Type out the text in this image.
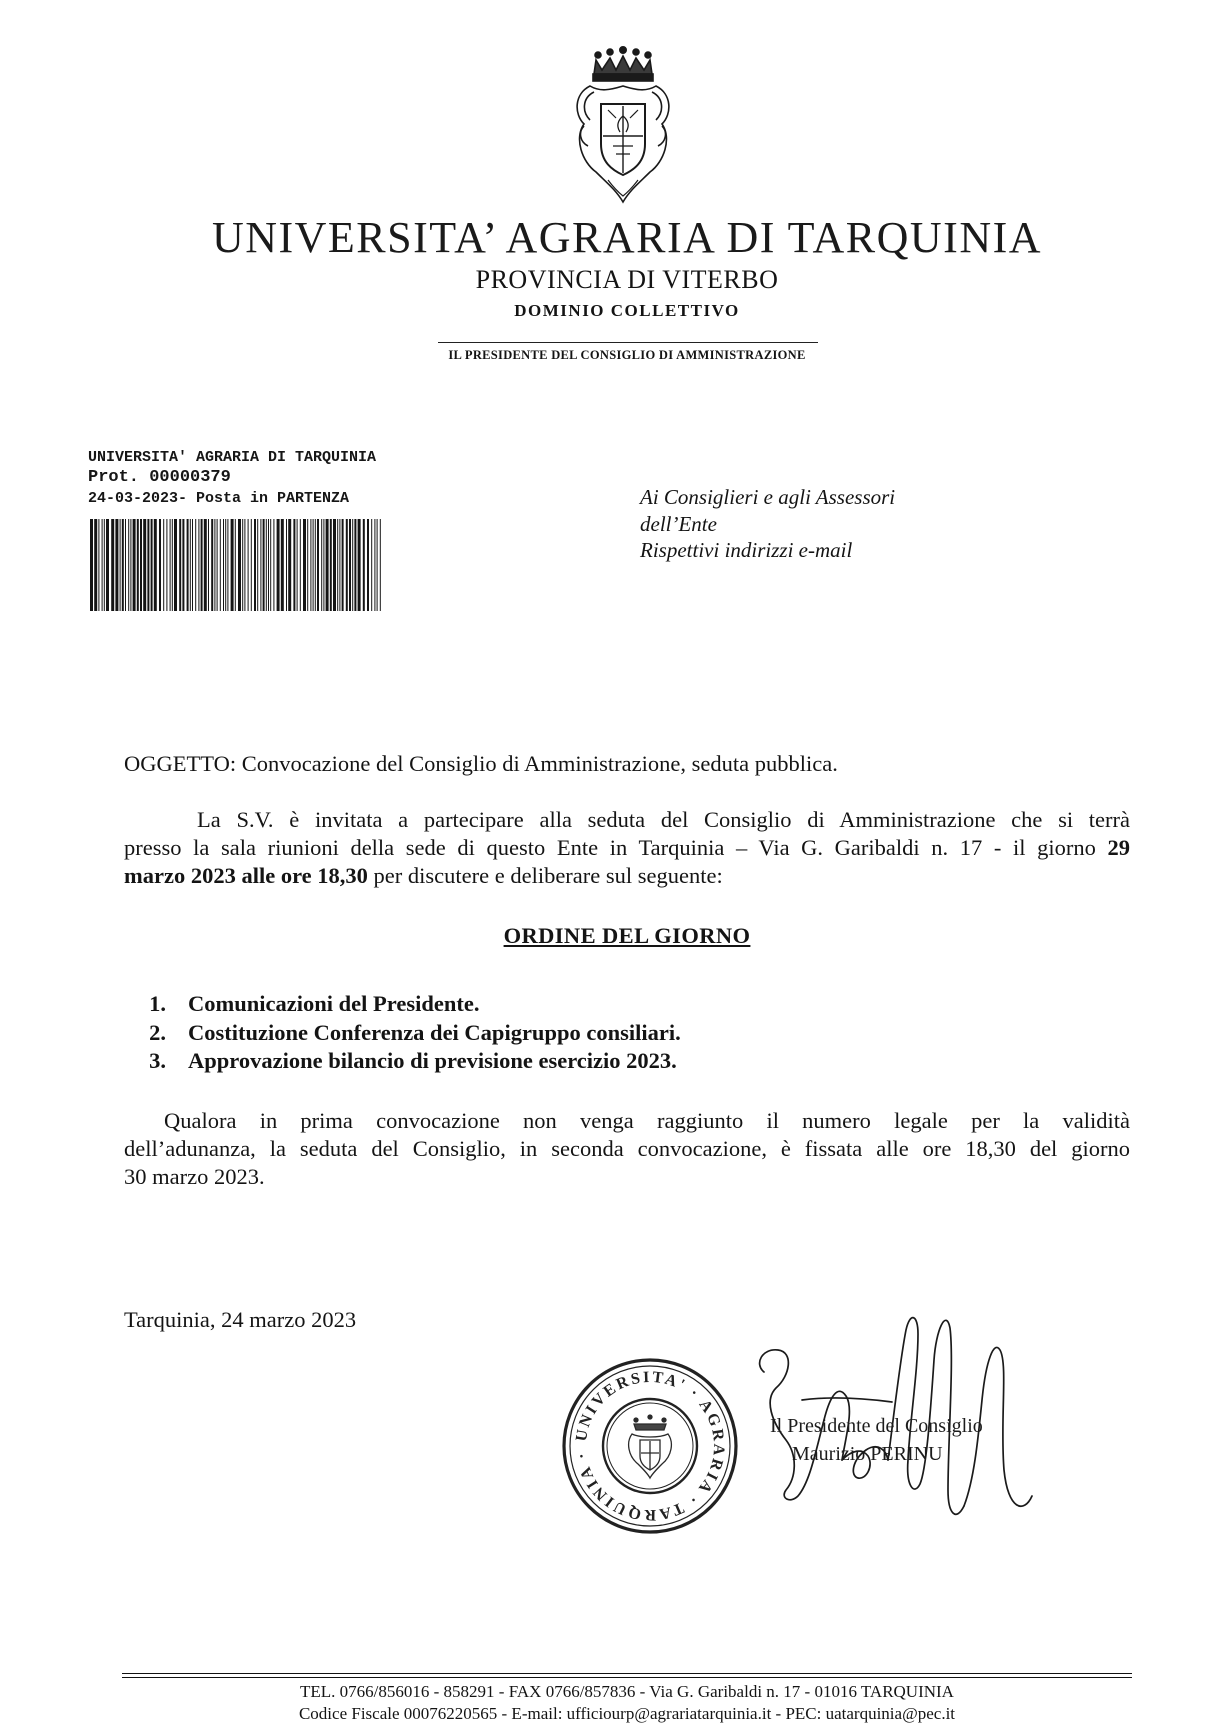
UNIVERSITA’ AGRARIA DI TARQUINIA
PROVINCIA DI VITERBO
DOMINIO COLLETTIVO
IL PRESIDENTE DEL CONSIGLIO DI AMMINISTRAZIONE
UNIVERSITA' AGRARIA DI TARQUINIA
Prot. 00000379
24-03-2023- Posta in PARTENZA	Ai Consiglieri e agli Assessori
dell’Ente
Rispettivi indirizzi e-mail
OGGETTO: Convocazione del Consiglio di Amministrazione, seduta pubblica.
La S.V. è invitata a partecipare alla seduta del Consiglio di Amministrazione che si terrà
presso la sala riunioni della sede di questo Ente in Tarquinia – Via G. Garibaldi n. 17 - il giorno 29
marzo 2023 alle ore 18,30 per discutere e deliberare sul seguente:
ORDINE DEL GIORNO
1. Comunicazioni del Presidente.
2. Costituzione Conferenza dei Capigruppo consiliari.
3. Approvazione bilancio di previsione esercizio 2023.
Qualora in prima convocazione non venga raggiunto il numero legale per la validità
dell’adunanza, la seduta del Consiglio, in seconda convocazione, è fissata alle ore 18,30 del giorno
30 marzo 2023.
Tarquinia, 24 marzo 2023
UNIVERSITA' · AGRARIA · TARQUINIA ·
Il Presidente del Consiglio
Maurizio PERINU
TEL. 0766/856016 - 858291 - FAX 0766/857836 - Via G. Garibaldi n. 17 - 01016 TARQUINIA
Codice Fiscale 00076220565 - E-mail: ufficiourp@agrariatarquinia.it - PEC: uatarquinia@pec.it
